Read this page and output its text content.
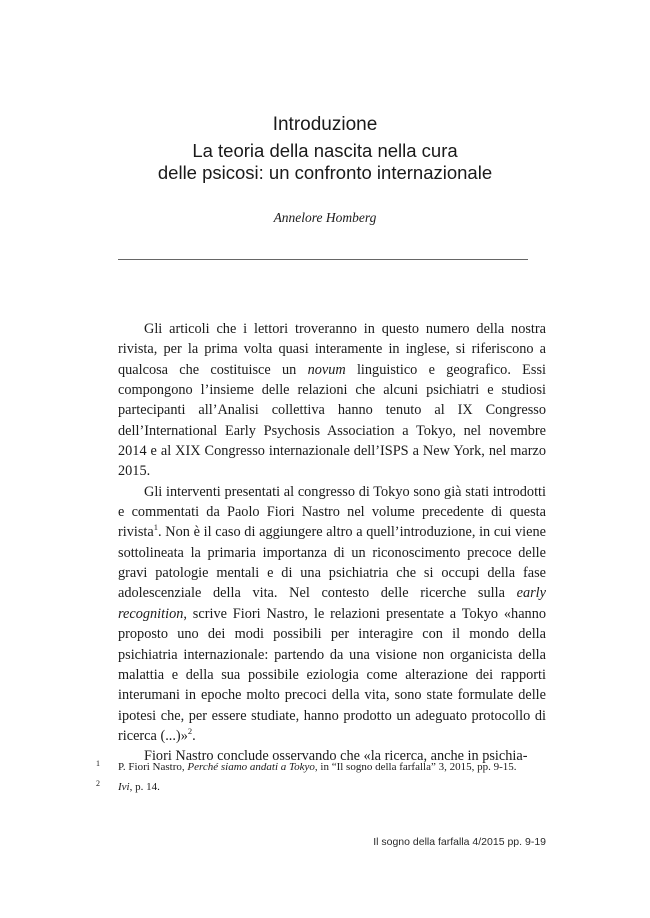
Introduzione
La teoria della nascita nella cura
delle psicosi: un confronto internazionale
Annelore Homberg

Gli articoli che i lettori troveranno in questo numero della nostra rivista, per la prima volta quasi interamente in inglese, si riferiscono a qualcosa che costituisce un novum linguistico e geografico. Essi compongono l’insieme delle relazioni che alcuni psichiatri e studiosi partecipanti all’Analisi collettiva hanno tenuto al IX Congresso dell’International Early Psychosis Association a Tokyo, nel novembre 2014 e al XIX Congresso internazionale dell’ISPS a New York, nel marzo 2015.

Gli interventi presentati al congresso di Tokyo sono già stati introdotti e commentati da Paolo Fiori Nastro nel volume precedente di questa rivista$^1$. Non è il caso di aggiungere altro a quell’introduzione, in cui viene sottolineata la primaria importanza di un riconoscimento precoce delle gravi patologie mentali e di una psichiatria che si occupi della fase adolescenziale della vita. Nel contesto delle ricerche sulla early recognition, scrive Fiori Nastro, le relazioni presentate a Tokyo «hanno proposto uno dei modi possibili per interagire con il mondo della psichiatria internazionale: partendo da una visione non organicista della malattia e della sua possibile eziologia come alterazione dei rapporti interumani in epoche molto precoci della vita, sono state formulate delle ipotesi che, per essere studiate, hanno prodotto un adeguato protocollo di ricerca (...)»$^2$.

Fiori Nastro conclude osservando che «la ricerca, anche in psichia-

1 P. Fiori Nastro, Perché siamo andati a Tokyo, in “Il sogno della farfalla” 3, 2015, pp. 9-15.
2 Ivi, p. 14.
Il sogno della farfalla 4/2015 pp. 9-19
